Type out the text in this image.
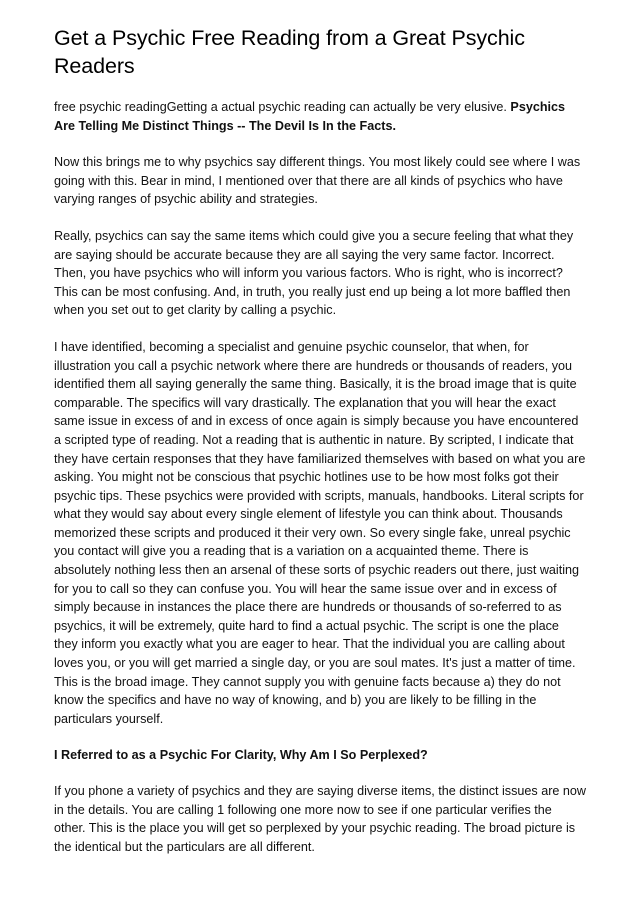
Get a Psychic Free Reading from a Great Psychic Readers

free psychic readingGetting a actual psychic reading can actually be very elusive. Psychics Are Telling Me Distinct Things -- The Devil Is In the Facts.

Now this brings me to why psychics say different things. You most likely could see where I was going with this. Bear in mind, I mentioned over that there are all kinds of psychics who have varying ranges of psychic ability and strategies.

Really, psychics can say the same items which could give you a secure feeling that what they are saying should be accurate because they are all saying the very same factor. Incorrect. Then, you have psychics who will inform you various factors. Who is right, who is incorrect? This can be most confusing. And, in truth, you really just end up being a lot more baffled then when you set out to get clarity by calling a psychic.

I have identified, becoming a specialist and genuine psychic counselor, that when, for illustration you call a psychic network where there are hundreds or thousands of readers, you identified them all saying generally the same thing. Basically, it is the broad image that is quite comparable. The specifics will vary drastically. The explanation that you will hear the exact same issue in excess of and in excess of once again is simply because you have encountered a scripted type of reading. Not a reading that is authentic in nature. By scripted, I indicate that they have certain responses that they have familiarized themselves with based on what you are asking. You might not be conscious that psychic hotlines use to be how most folks got their psychic tips. These psychics were provided with scripts, manuals, handbooks. Literal scripts for what they would say about every single element of lifestyle you can think about. Thousands memorized these scripts and produced it their very own. So every single fake, unreal psychic you contact will give you a reading that is a variation on a acquainted theme. There is absolutely nothing less then an arsenal of these sorts of psychic readers out there, just waiting for you to call so they can confuse you. You will hear the same issue over and in excess of simply because in instances the place there are hundreds or thousands of so-referred to as psychics, it will be extremely, quite hard to find a actual psychic. The script is one the place they inform you exactly what you are eager to hear. That the individual you are calling about loves you, or you will get married a single day, or you are soul mates. It's just a matter of time. This is the broad image. They cannot supply you with genuine facts because a) they do not know the specifics and have no way of knowing, and b) you are likely to be filling in the particulars yourself.

I Referred to as a Psychic For Clarity, Why Am I So Perplexed?

If you phone a variety of psychics and they are saying diverse items, the distinct issues are now in the details. You are calling 1 following one more now to see if one particular verifies the other. This is the place you will get so perplexed by your psychic reading. The broad picture is the identical but the particulars are all different.
